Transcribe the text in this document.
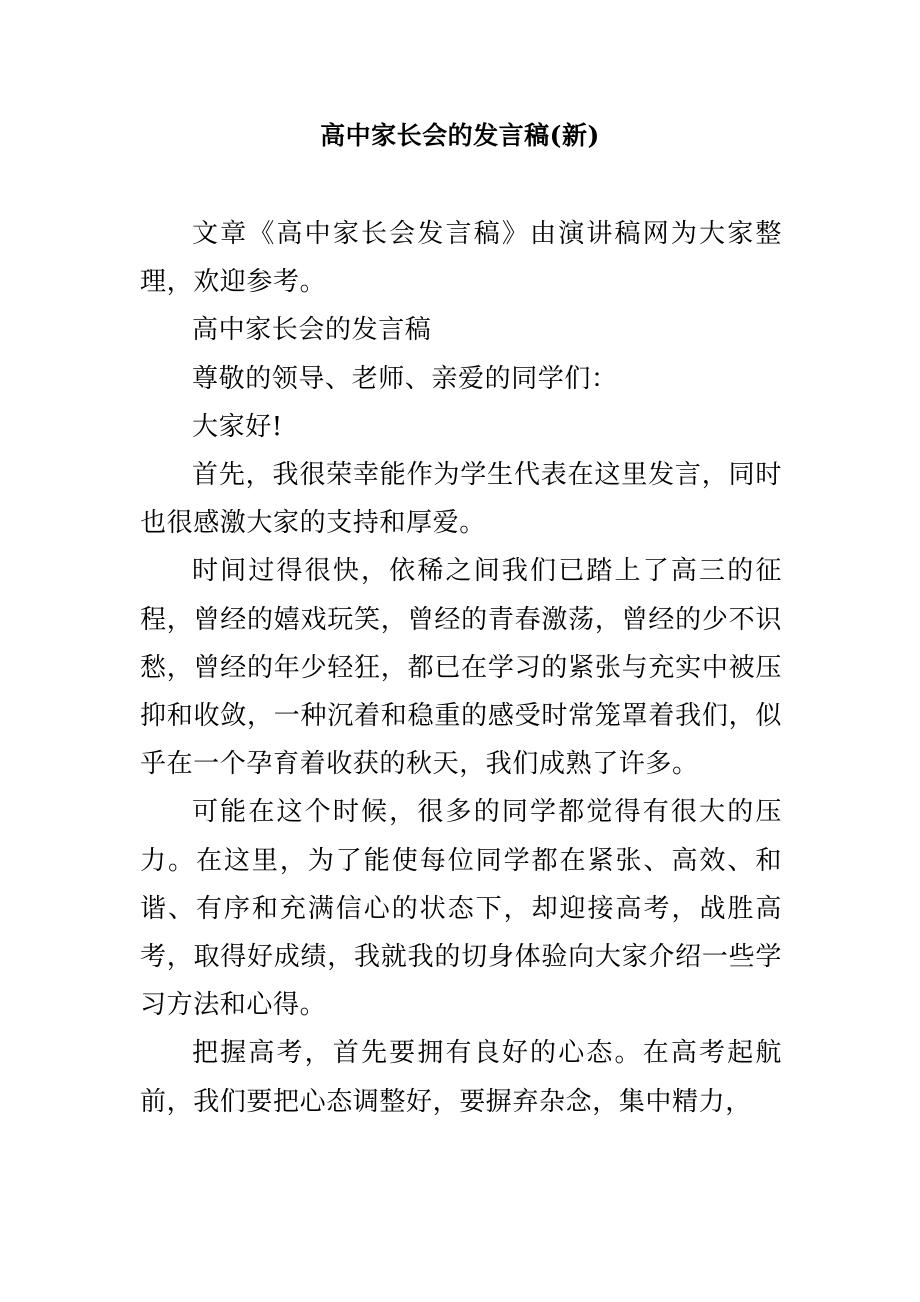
高中家长会的发言稿(新)

文章《高中家长会发言稿》由演讲稿网为大家整理，欢迎参考。

高中家长会的发言稿

尊敬的领导、老师、亲爱的同学们：

大家好!

首先，我很荣幸能作为学生代表在这里发言，同时也很感激大家的支持和厚爱。

时间过得很快，依稀之间我们已踏上了高三的征程，曾经的嬉戏玩笑，曾经的青春激荡，曾经的少不识愁，曾经的年少轻狂，都已在学习的紧张与充实中被压抑和收敛，一种沉着和稳重的感受时常笼罩着我们，似乎在一个孕育着收获的秋天，我们成熟了许多。

可能在这个时候，很多的同学都觉得有很大的压力。在这里，为了能使每位同学都在紧张、高效、和谐、有序和充满信心的状态下，却迎接高考，战胜高考，取得好成绩，我就我的切身体验向大家介绍一些学习方法和心得。

把握高考，首先要拥有良好的心态。在高考起航前，我们要把心态调整好，要摒弃杂念，集中精力，
